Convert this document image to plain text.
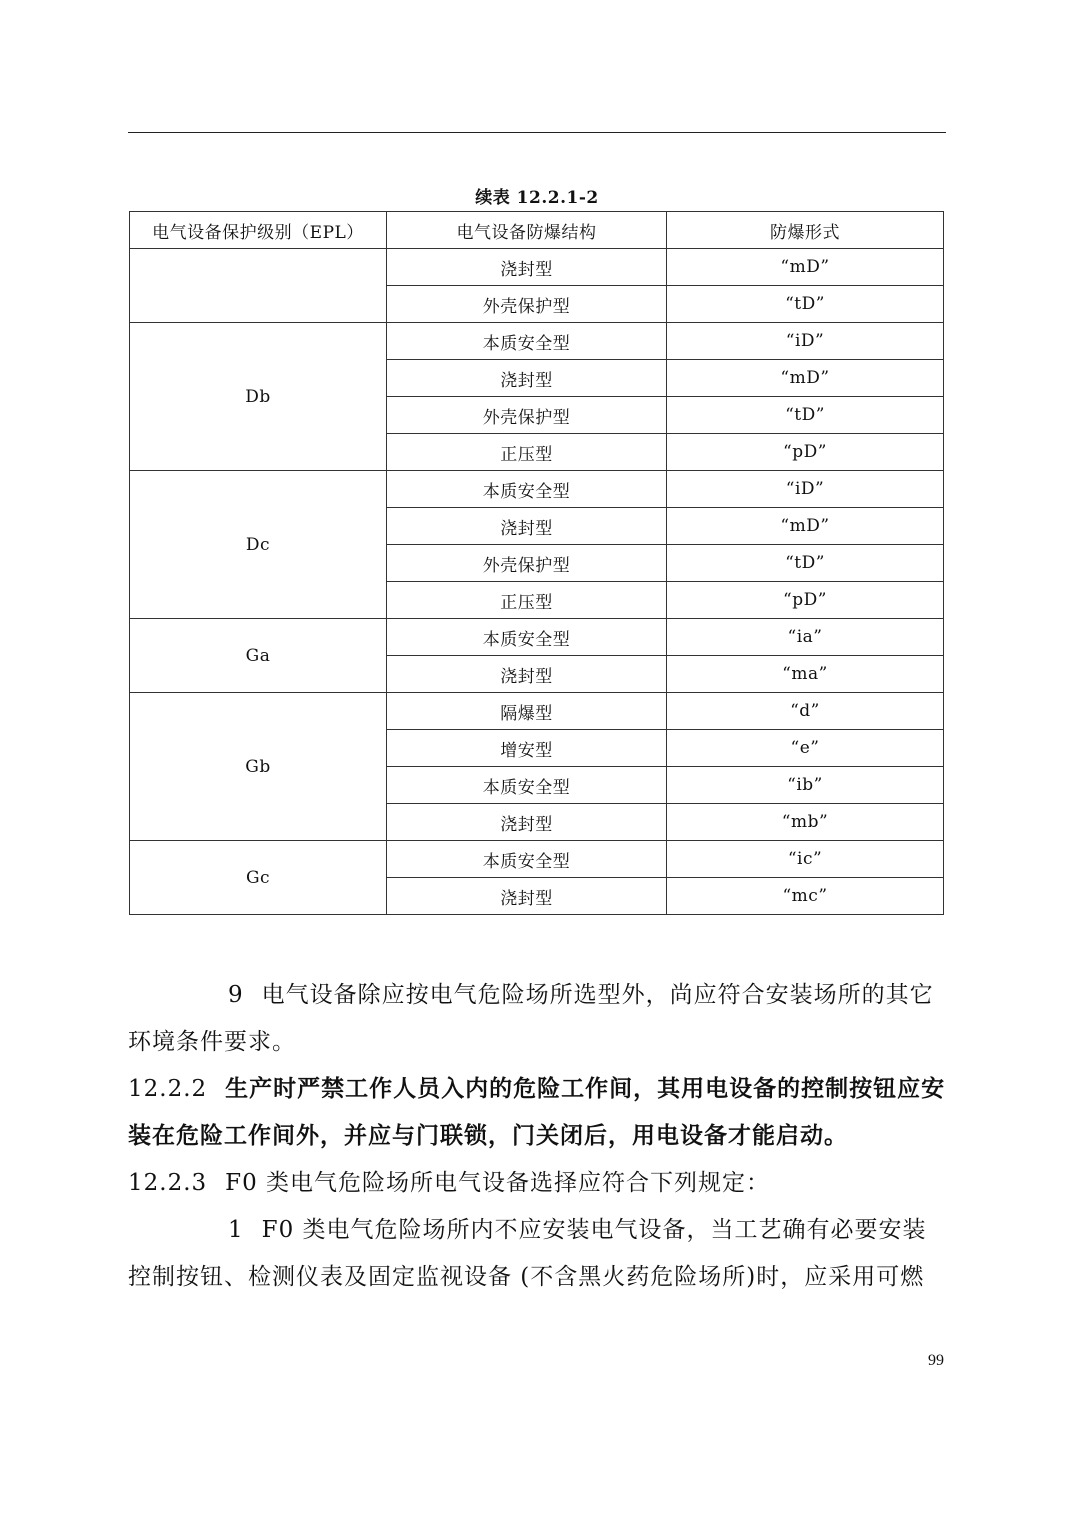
续表 12.2.1-2
电气设备保护级别（EPL）	电气设备防爆结构	防爆形式
	浇封型	“mD”
	外壳保护型	“tD”
Db	本质安全型	“iD”
	浇封型	“mD”
	外壳保护型	“tD”
	正压型	“pD”
Dc	本质安全型	“iD”
	浇封型	“mD”
	外壳保护型	“tD”
	正压型	“pD”
Ga	本质安全型	“ia”
	浇封型	“ma”
Gb	隔爆型	“d”
	增安型	“e”
	本质安全型	“ib”
	浇封型	“mb”
Gc	本质安全型	“ic”
	浇封型	“mc”

9 电气设备除应按电气危险场所选型外，尚应符合安装场所的其它环境条件要求。

12.2.2 生产时严禁工作人员入内的危险工作间，其用电设备的控制按钮应安装在危险工作间外，并应与门联锁，门关闭后，用电设备才能启动。

12.2.3 F0 类电气危险场所电气设备选择应符合下列规定：

1 F0 类电气危险场所内不应安装电气设备，当工艺确有必要安装控制按钮、检测仪表及固定监视设备 (不含黑火药危险场所)时，应采用可燃

99
